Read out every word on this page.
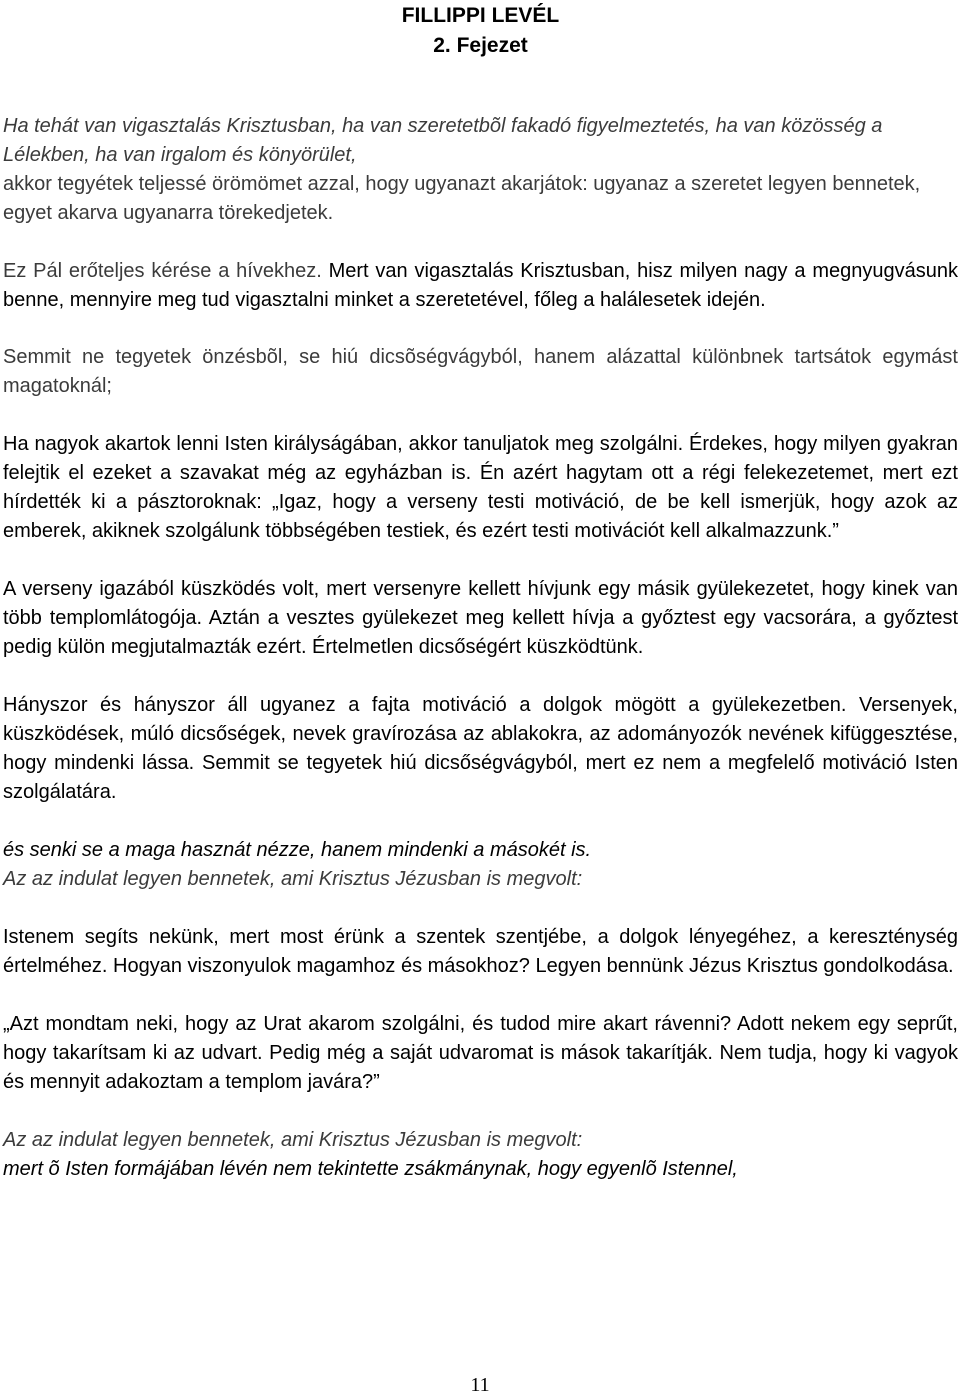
FILLIPPI LEVÉL
2. Fejezet

Ha tehát van vigasztalás Krisztusban, ha van szeretetbõl fakadó figyelmeztetés, ha van közösség a Lélekben, ha van irgalom és könyörület,

akkor tegyétek teljessé örömömet azzal, hogy ugyanazt akarjátok: ugyanaz a szeretet legyen bennetek, egyet akarva ugyanarra törekedjetek.

Ez Pál erőteljes kérése a hívekhez. Mert van vigasztalás Krisztusban, hisz milyen nagy a megnyugvásunk benne, mennyire meg tud vigasztalni minket a szeretetével, főleg a halálesetek idején.

Semmit ne tegyetek önzésbõl, se hiú dicsõségvágyból, hanem alázattal különbnek tartsátok egymást magatoknál;

Ha nagyok akartok lenni Isten királyságában, akkor tanuljatok meg szolgálni. Érdekes, hogy milyen gyakran felejtik el ezeket a szavakat még az egyházban is. Én azért hagytam ott a régi felekezetemet, mert ezt hírdették ki a pásztoroknak: „Igaz, hogy a verseny testi motiváció, de be kell ismerjük, hogy azok az emberek, akiknek szolgálunk többségében testiek, és ezért testi motivációt kell alkalmazzunk.”

A verseny igazából küszködés volt, mert versenyre kellett hívjunk egy másik gyülekezetet, hogy kinek van több templomlátogója. Aztán a vesztes gyülekezet meg kellett hívja a győztest egy vacsorára, a győztest pedig külön megjutalmazták ezért. Értelmetlen dicsőségért küszködtünk.

Hányszor és hányszor áll ugyanez a fajta motiváció a dolgok mögött a gyülekezetben. Versenyek, küszködések, múló dicsőségek, nevek gravírozása az ablakokra, az adományozók nevének kifüggesztése, hogy mindenki lássa. Semmit se tegyetek hiú dicsőségvágyból, mert ez nem a megfelelő motiváció Isten szolgálatára.

és senki se a maga hasznát nézze, hanem mindenki a másokét is.

Az az indulat legyen bennetek, ami Krisztus Jézusban is megvolt:

Istenem segíts nekünk, mert most érünk a szentek szentjébe, a dolgok lényegéhez, a kereszténység értelméhez. Hogyan viszonyulok magamhoz és másokhoz? Legyen bennünk Jézus Krisztus gondolkodása.

„Azt mondtam neki, hogy az Urat akarom szolgálni, és tudod mire akart rávenni? Adott nekem egy seprűt, hogy takarítsam ki az udvart. Pedig még a saját udvaromat is mások takarítják. Nem tudja, hogy ki vagyok és mennyit adakoztam a templom javára?”

Az az indulat legyen bennetek, ami Krisztus Jézusban is megvolt:

mert õ Isten formájában lévén nem tekintette zsákmánynak, hogy egyenlõ Istennel,

11
